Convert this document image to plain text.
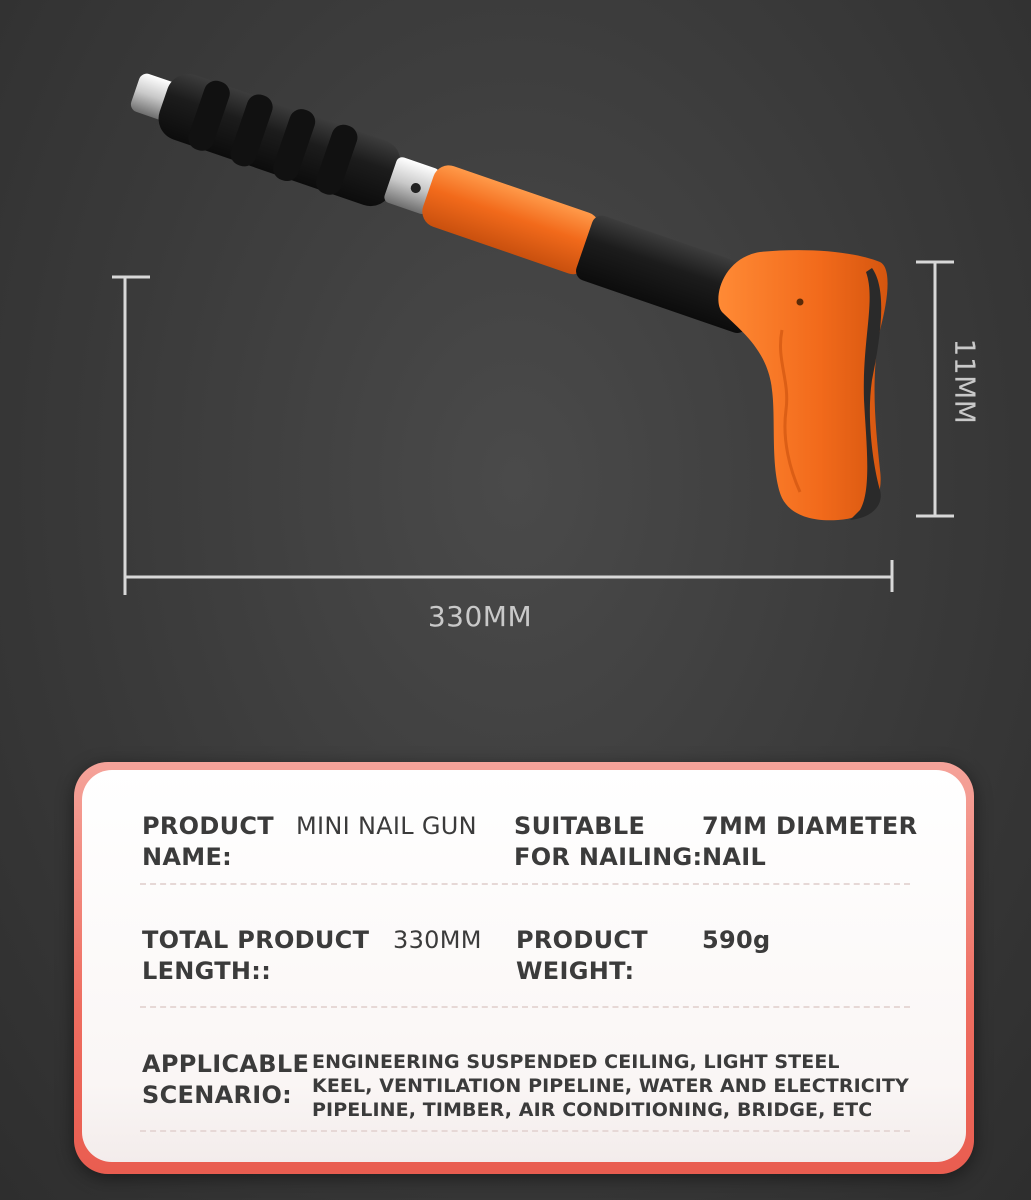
330MM
11MM
PRODUCT
NAME:
MINI NAIL GUN SUITABLE
FOR NAILING:
7MM DIAMETER
NAIL
TOTAL PRODUCT
LENGTH::
330MM PRODUCT
WEIGHT:
590g
APPLICABLE
SCENARIO:
ENGINEERING SUSPENDED CEILING, LIGHT STEEL
KEEL, VENTILATION PIPELINE, WATER AND ELECTRICITY
PIPELINE, TIMBER, AIR CONDITIONING, BRIDGE, ETC
